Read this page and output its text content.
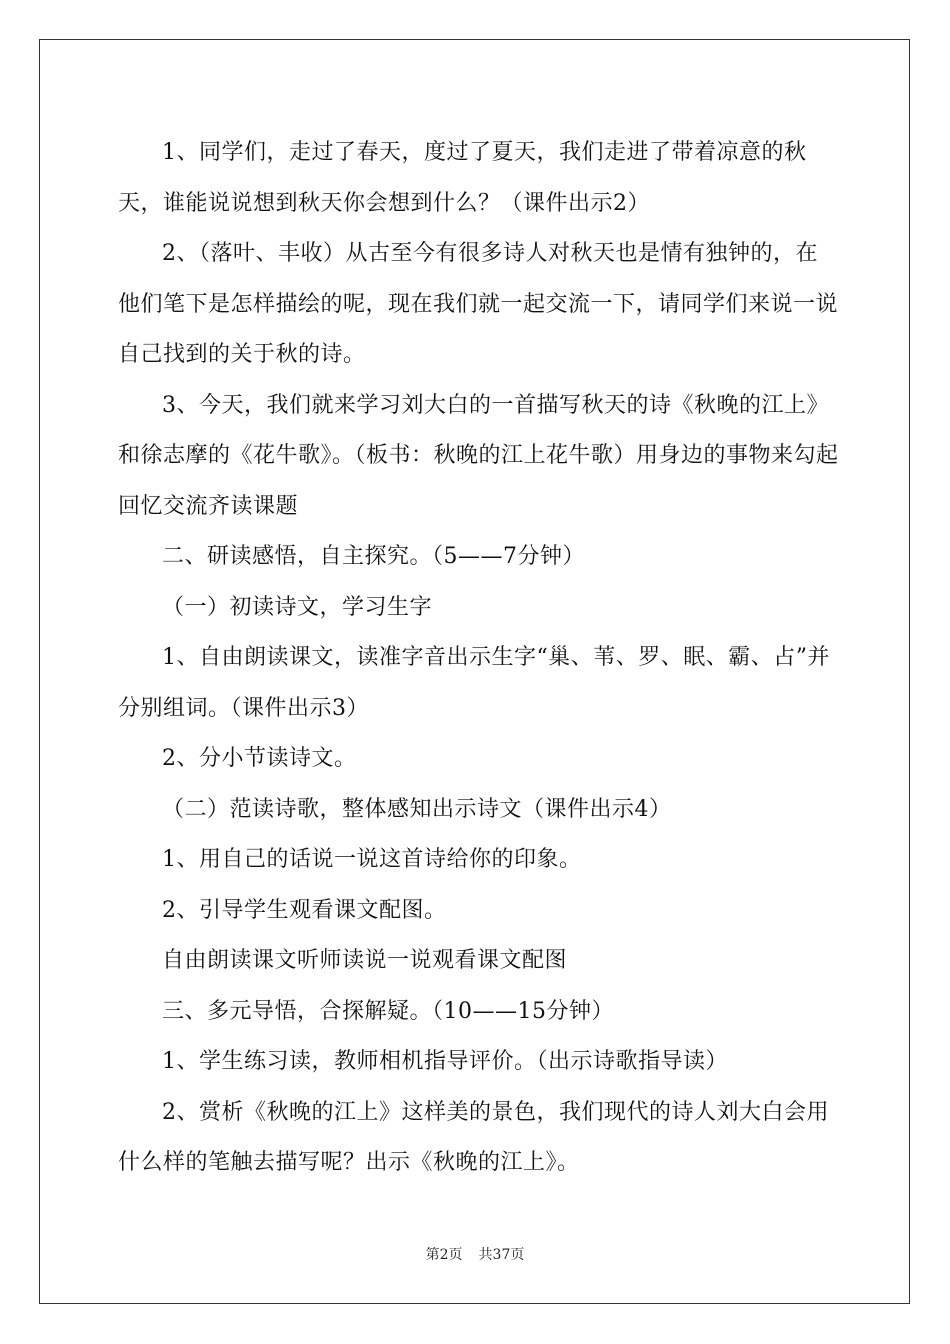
1、同学们，走过了春天，度过了夏天，我们走进了带着凉意的秋天，谁能说说想到秋天你会想到什么？（课件出示2）

2、（落叶、丰收）从古至今有很多诗人对秋天也是情有独钟的，在他们笔下是怎样描绘的呢，现在我们就一起交流一下，请同学们来说一说自己找到的关于秋的诗。

3、今天，我们就来学习刘大白的一首描写秋天的诗《秋晚的江上》和徐志摩的《花牛歌》。（板书：秋晚的江上花牛歌）用身边的事物来勾起回忆交流齐读课题

二、研读感悟，自主探究。（5——7分钟）

（一）初读诗文，学习生字

1、自由朗读课文，读准字音出示生字“巢、苇、罗、眠、霸、占”并分别组词。（课件出示3）

2、分小节读诗文。

（二）范读诗歌，整体感知出示诗文（课件出示4）

1、用自己的话说一说这首诗给你的印象。

2、引导学生观看课文配图。

自由朗读课文听师读说一说观看课文配图

三、多元导悟，合探解疑。（10——15分钟）

1、学生练习读，教师相机指导评价。（出示诗歌指导读）

2、赏析《秋晚的江上》这样美的景色，我们现代的诗人刘大白会用什么样的笔触去描写呢？出示《秋晚的江上》。

第2页 共37页
